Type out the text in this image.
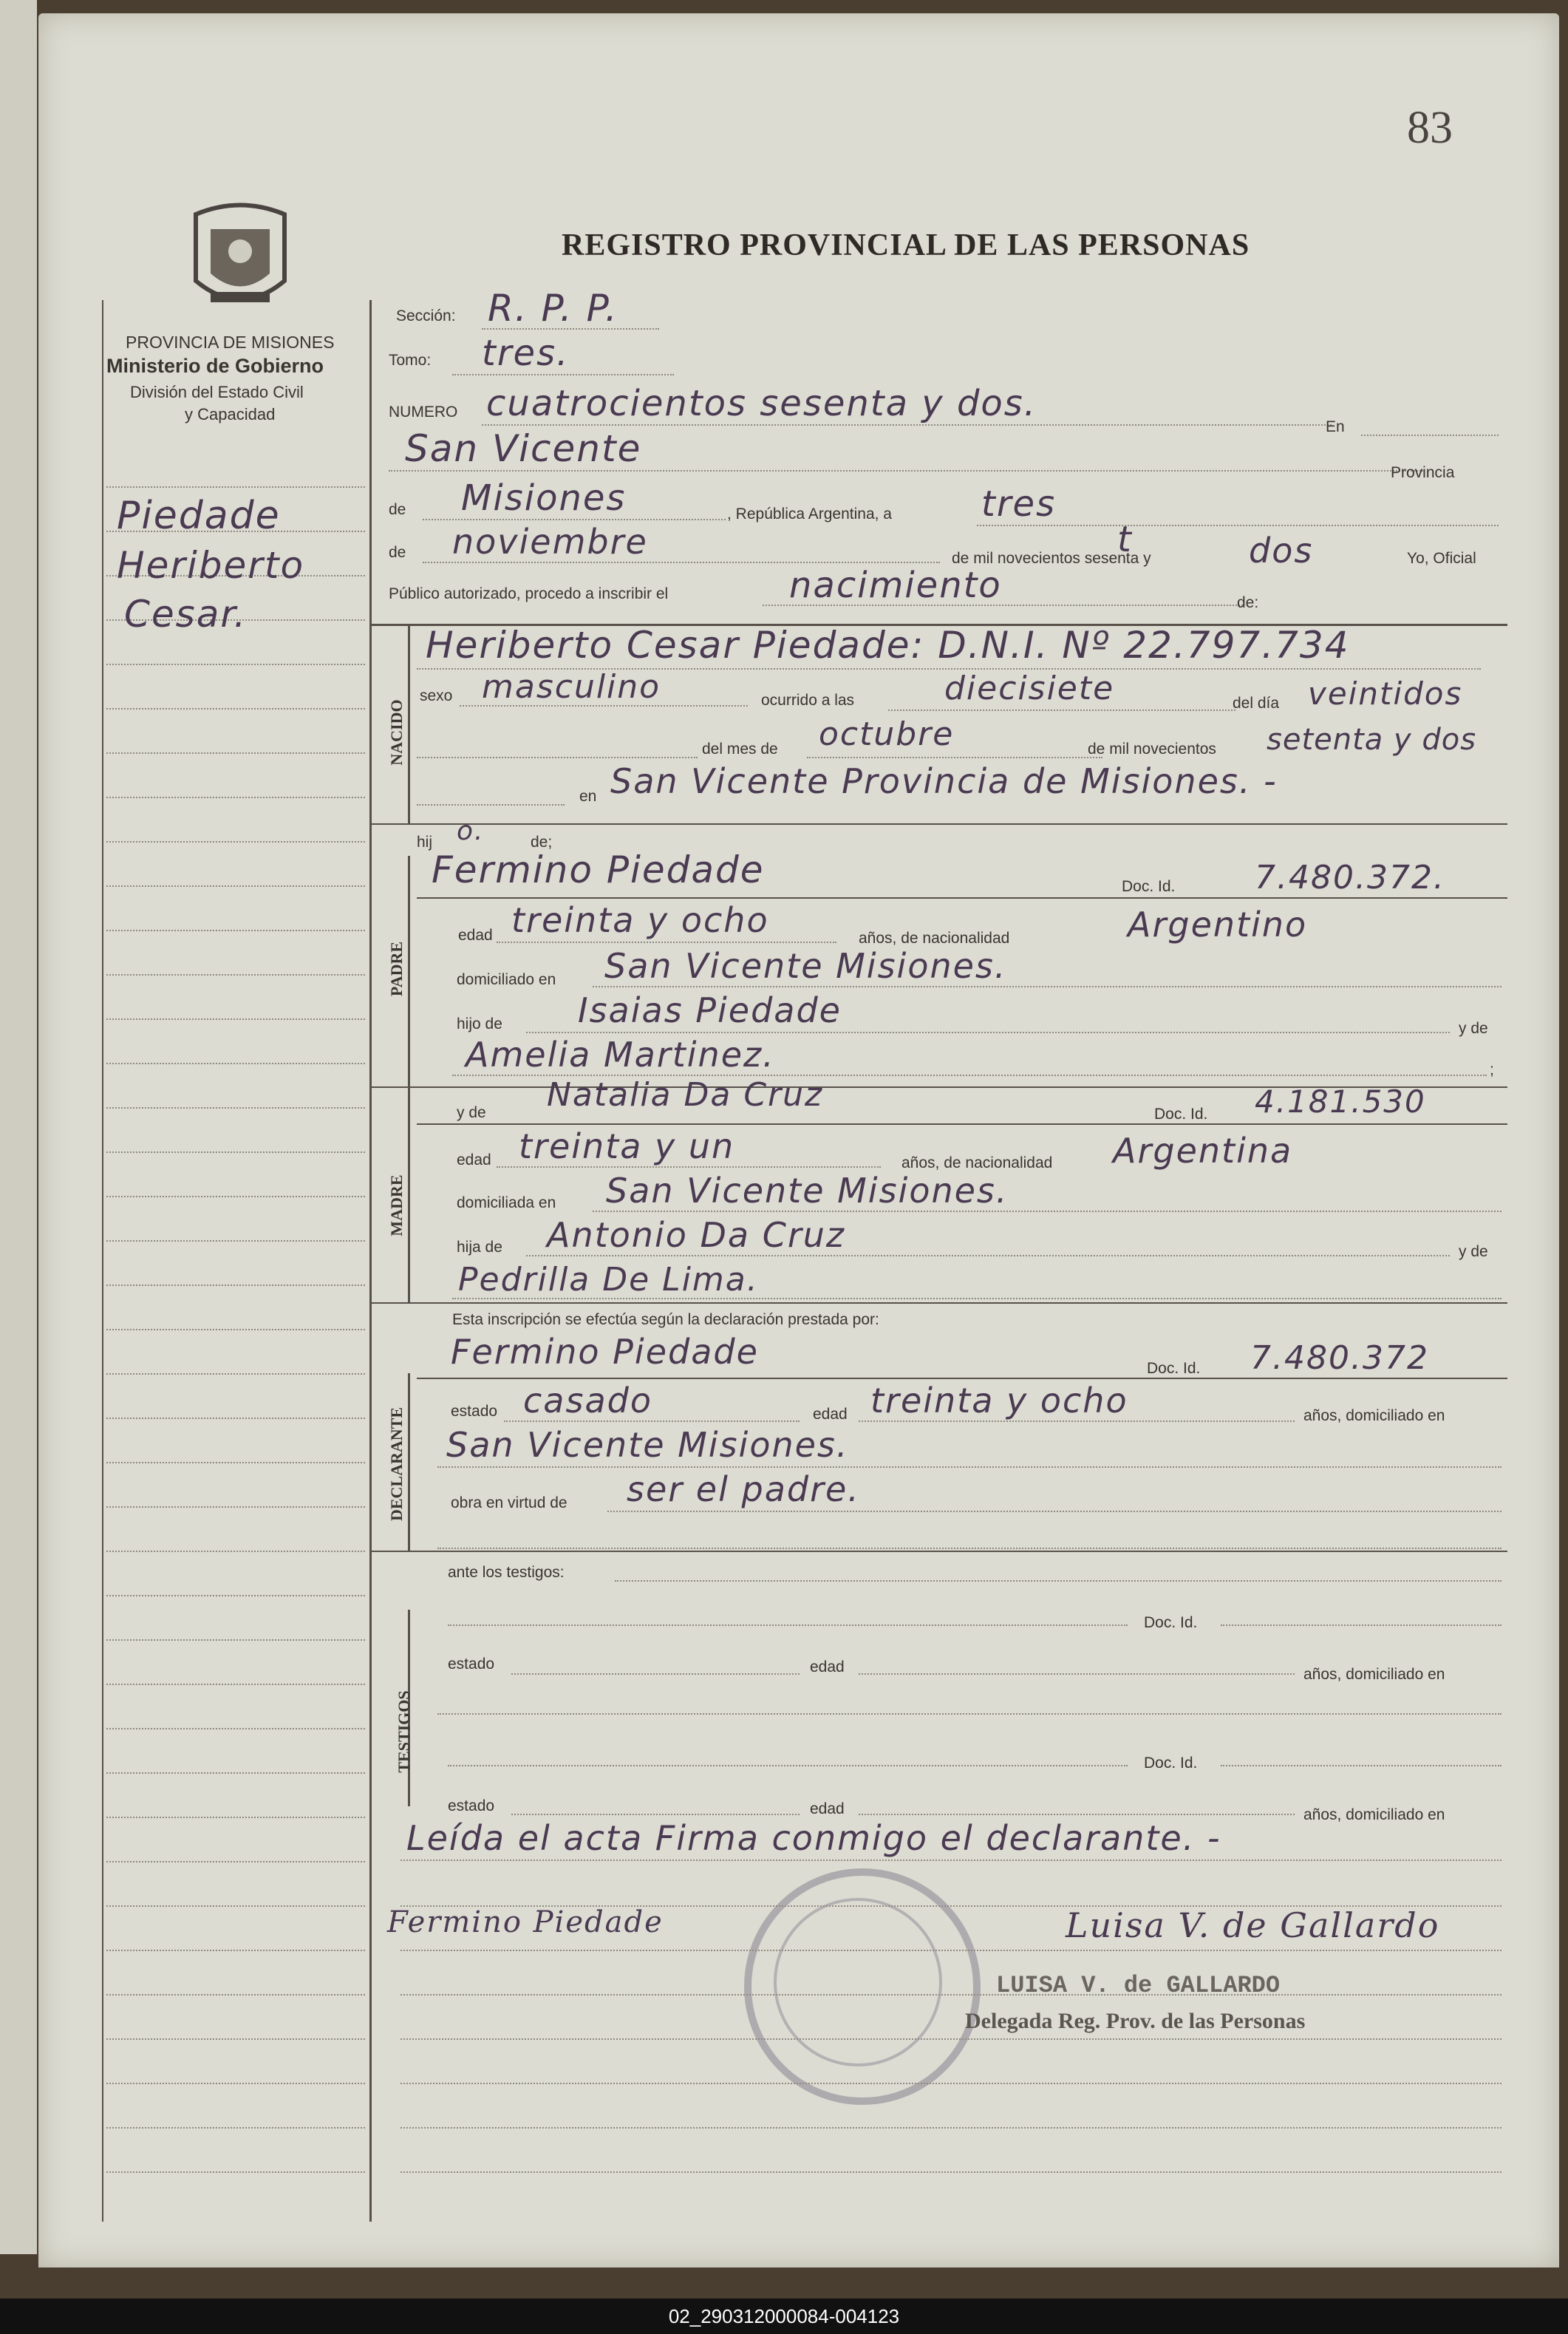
83
REGISTRO PROVINCIAL DE LAS PERSONAS
PROVINCIA DE MISIONES
Ministerio de Gobierno
División del Estado Civil
y Capacidad
Piedade
Heriberto
Cesar.
Sección: R. P. P.
Tomo: tres.
NUMERO cuatrocientos sesenta y dos.
En
San Vicente
Provincia
de Misiones	, República Argentina, a	tres
de noviembre	de mil novecientos sesenta y
t	dos	Yo, Oficial
Público autorizado, procedo a inscribir el	nacimiento	de:
NACIDO
Heriberto Cesar Piedade: D.N.I. Nº 22.797.734
sexo masculino	ocurrido a las	diecisiete	del día veintidos
del mes de octubre	de mil novecientos setenta y dos
en San Vicente Provincia de Misiones. -
hij o.	de;
PADRE
Fermino Piedade	Doc. Id. 7.480.372.
edad treinta y ocho	años, de nacionalidad	Argentino
domiciliado en San Vicente Misiones.
hijo de Isaias Piedade	y de
Amelia Martinez.	;
MADRE
y de Natalia Da Cruz
Doc. Id. 4.181.530
edad treinta y un	años, de nacionalidad Argentina
domiciliada en San Vicente Misiones.
hija de Antonio Da Cruz	y de
Pedrilla De Lima.
Esta inscripción se efectúa según la declaración prestada por:
DECLARANTE
Fermino Piedade	Doc. Id. 7.480.372
estado casado	edad treinta y ocho	años, domiciliado en
San Vicente Misiones.
obra en virtud de ser el padre.
ante los testigos:
TESTIGOS
Doc. Id.
estado	edad	años, domiciliado en
Doc. Id.
estado	edad	años, domiciliado en
Leída el acta Firma conmigo el declarante. -
Fermino Piedade	Luisa V. de Gallardo
LUISA V. de GALLARDO
Delegada Reg. Prov. de las Personas
02_290312000084-004123
